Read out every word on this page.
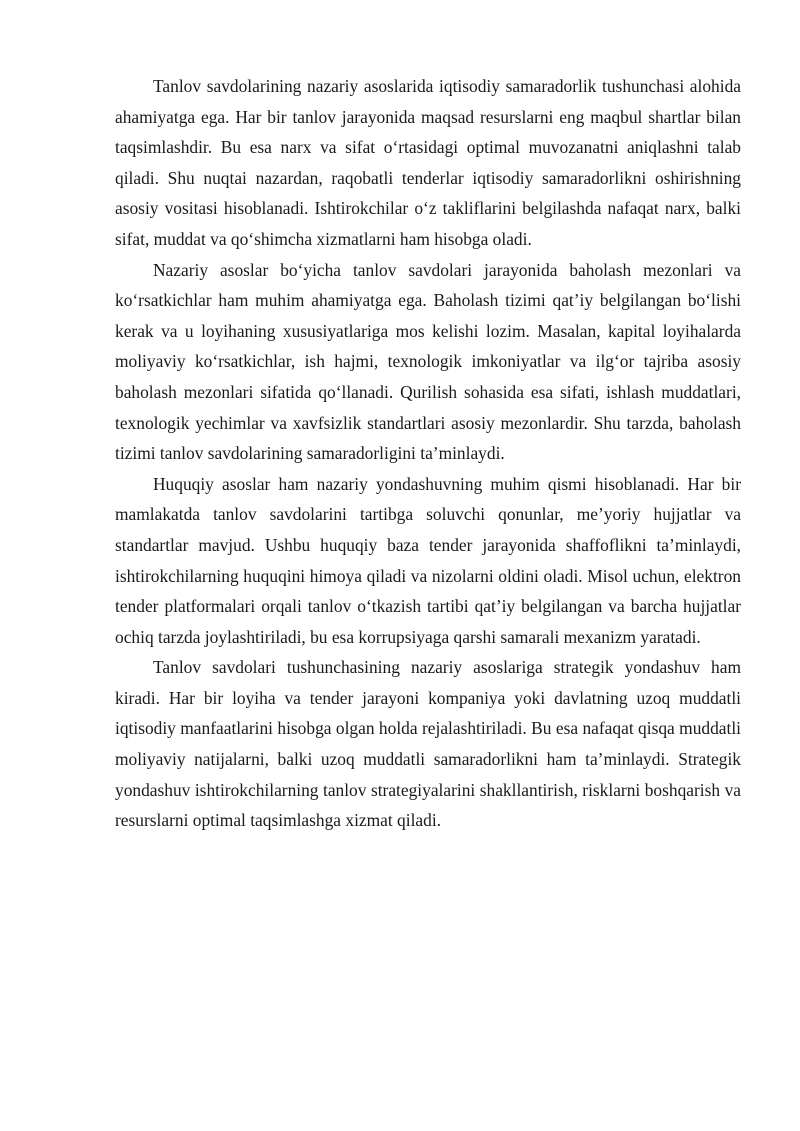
Tanlov savdolarining nazariy asoslarida iqtisodiy samaradorlik tushunchasi alohida ahamiyatga ega. Har bir tanlov jarayonida maqsad resurslarni eng maqbul shartlar bilan taqsimlashdir. Bu esa narx va sifat oʻrtasidagi optimal muvozanatni aniqlashni talab qiladi. Shu nuqtai nazardan, raqobatli tenderlar iqtisodiy samaradorlikni oshirishning asosiy vositasi hisoblanadi. Ishtirokchilar oʻz takliflarini belgilashda nafaqat narx, balki sifat, muddat va qoʻshimcha xizmatlarni ham hisobga oladi.

Nazariy asoslar boʻyicha tanlov savdolari jarayonida baholash mezonlari va koʻrsatkichlar ham muhim ahamiyatga ega. Baholash tizimi qat’iy belgilangan boʻlishi kerak va u loyihaning xususiyatlariga mos kelishi lozim. Masalan, kapital loyihalarda moliyaviy koʻrsatkichlar, ish hajmi, texnologik imkoniyatlar va ilgʻor tajriba asosiy baholash mezonlari sifatida qoʻllanadi. Qurilish sohasida esa sifati, ishlash muddatlari, texnologik yechimlar va xavfsizlik standartlari asosiy mezonlardir. Shu tarzda, baholash tizimi tanlov savdolarining samaradorligini ta’minlaydi.

Huquqiy asoslar ham nazariy yondashuvning muhim qismi hisoblanadi. Har bir mamlakatda tanlov savdolarini tartibga soluvchi qonunlar, me’yoriy hujjatlar va standartlar mavjud. Ushbu huquqiy baza tender jarayonida shaffoflikni ta’minlaydi, ishtirokchilarning huquqini himoya qiladi va nizolarni oldini oladi. Misol uchun, elektron tender platformalari orqali tanlov oʻtkazish tartibi qat’iy belgilangan va barcha hujjatlar ochiq tarzda joylashtiriladi, bu esa korrupsiyaga qarshi samarali mexanizm yaratadi.

Tanlov savdolari tushunchasining nazariy asoslariga strategik yondashuv ham kiradi. Har bir loyiha va tender jarayoni kompaniya yoki davlatning uzoq muddatli iqtisodiy manfaatlarini hisobga olgan holda rejalashtiriladi. Bu esa nafaqat qisqa muddatli moliyaviy natijalarni, balki uzoq muddatli samaradorlikni ham ta’minlaydi. Strategik yondashuv ishtirokchilarning tanlov strategiyalarini shakllantirish, risklarni boshqarish va resurslarni optimal taqsimlashga xizmat qiladi.
